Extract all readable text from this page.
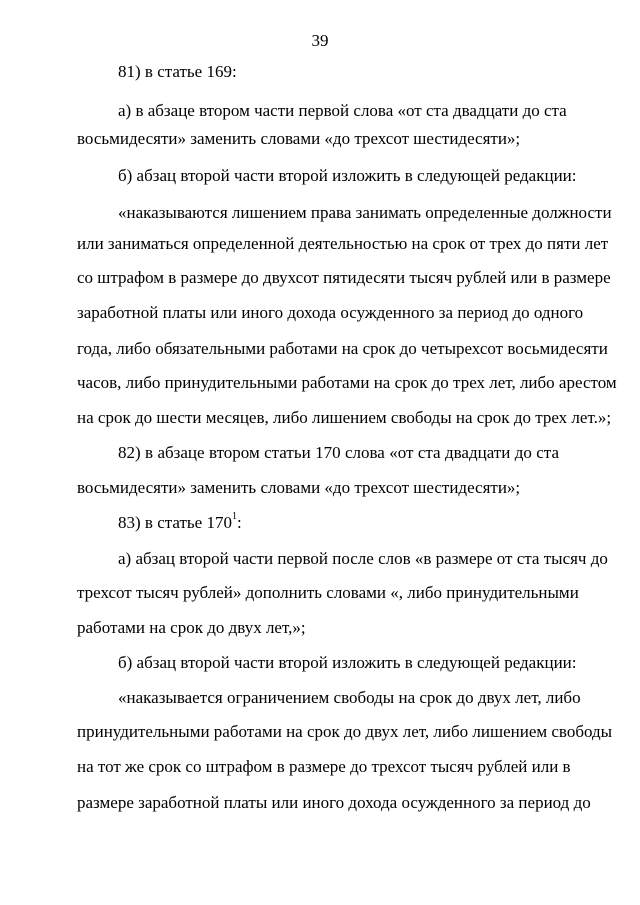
39
81) в статье 169:
а) в абзаце втором части первой слова «от ста двадцати до ста
восьмидесяти» заменить словами «до трехсот шестидесяти»;
б) абзац второй части второй изложить в следующей редакции:
«наказываются лишением права занимать определенные должности
или заниматься определенной деятельностью на срок от трех до пяти лет
со штрафом в размере до двухсот пятидесяти тысяч рублей или в размере
заработной платы или иного дохода осужденного за период до одного
года, либо обязательными работами на срок до четырехсот восьмидесяти
часов, либо принудительными работами на срок до трех лет, либо арестом
на срок до шести месяцев, либо лишением свободы на срок до трех лет.»;
82) в абзаце втором статьи 170 слова «от ста двадцати до ста
восьмидесяти» заменить словами «до трехсот шестидесяти»;
83) в статье $170^1$:
а) абзац второй части первой после слов «в размере от ста тысяч до
трехсот тысяч рублей» дополнить словами «, либо принудительными
работами на срок до двух лет,»;
б) абзац второй части второй изложить в следующей редакции:
«наказывается ограничением свободы на срок до двух лет, либо
принудительными работами на срок до двух лет, либо лишением свободы
на тот же срок со штрафом в размере до трехсот тысяч рублей или в
размере заработной платы или иного дохода осужденного за период до
